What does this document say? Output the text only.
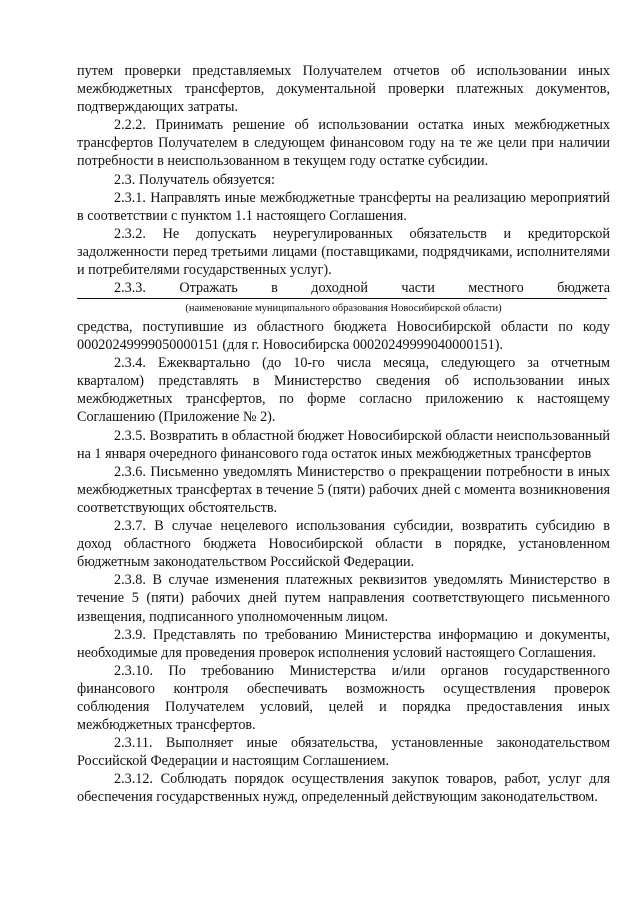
путем проверки представляемых Получателем отчетов об использовании иных межбюджетных трансфертов, документальной проверки платежных документов, подтверждающих затраты.

2.2.2. Принимать решение об использовании остатка иных межбюджетных трансфертов Получателем в следующем финансовом году на те же цели при наличии потребности в неиспользованном в текущем году остатке субсидии.

2.3. Получатель обязуется:

2.3.1. Направлять иные межбюджетные трансферты на реализацию мероприятий в соответствии с пунктом 1.1 настоящего Соглашения.

2.3.2. Не допускать неурегулированных обязательств и кредиторской задолженности перед третьими лицами (поставщиками, подрядчиками, исполнителями и потребителями государственных услуг).

2.3.3. Отражать в доходной части местного бюджета

(наименование муниципального образования Новосибирской области)

средства, поступившие из областного бюджета Новосибирской области по коду 00020249999050000151 (для г. Новосибирска 00020249999040000151).

2.3.4. Ежеквартально (до 10-го числа месяца, следующего за отчетным кварталом) представлять в Министерство сведения об использовании иных межбюджетных трансфертов, по форме согласно приложению к настоящему Соглашению (Приложение № 2).

2.3.5. Возвратить в областной бюджет Новосибирской области неиспользованный на 1 января очередного финансового года остаток иных межбюджетных трансфертов

2.3.6. Письменно уведомлять Министерство о прекращении потребности в иных межбюджетных трансфертах в течение 5 (пяти) рабочих дней с момента возникновения соответствующих обстоятельств.

2.3.7. В случае нецелевого использования субсидии, возвратить субсидию в доход областного бюджета Новосибирской области в порядке, установленном бюджетным законодательством Российской Федерации.

2.3.8. В случае изменения платежных реквизитов уведомлять Министерство в течение 5 (пяти) рабочих дней путем направления соответствующего письменного извещения, подписанного уполномоченным лицом.

2.3.9. Представлять по требованию Министерства информацию и документы, необходимые для проведения проверок исполнения условий настоящего Соглашения.

2.3.10. По требованию Министерства и/или органов государственного финансового контроля обеспечивать возможность осуществления проверок соблюдения Получателем условий, целей и порядка предоставления иных межбюджетных трансфертов.

2.3.11. Выполняет иные обязательства, установленные законодательством Российской Федерации и настоящим Соглашением.

2.3.12. Соблюдать порядок осуществления закупок товаров, работ, услуг для обеспечения государственных нужд, определенный действующим законодательством.
